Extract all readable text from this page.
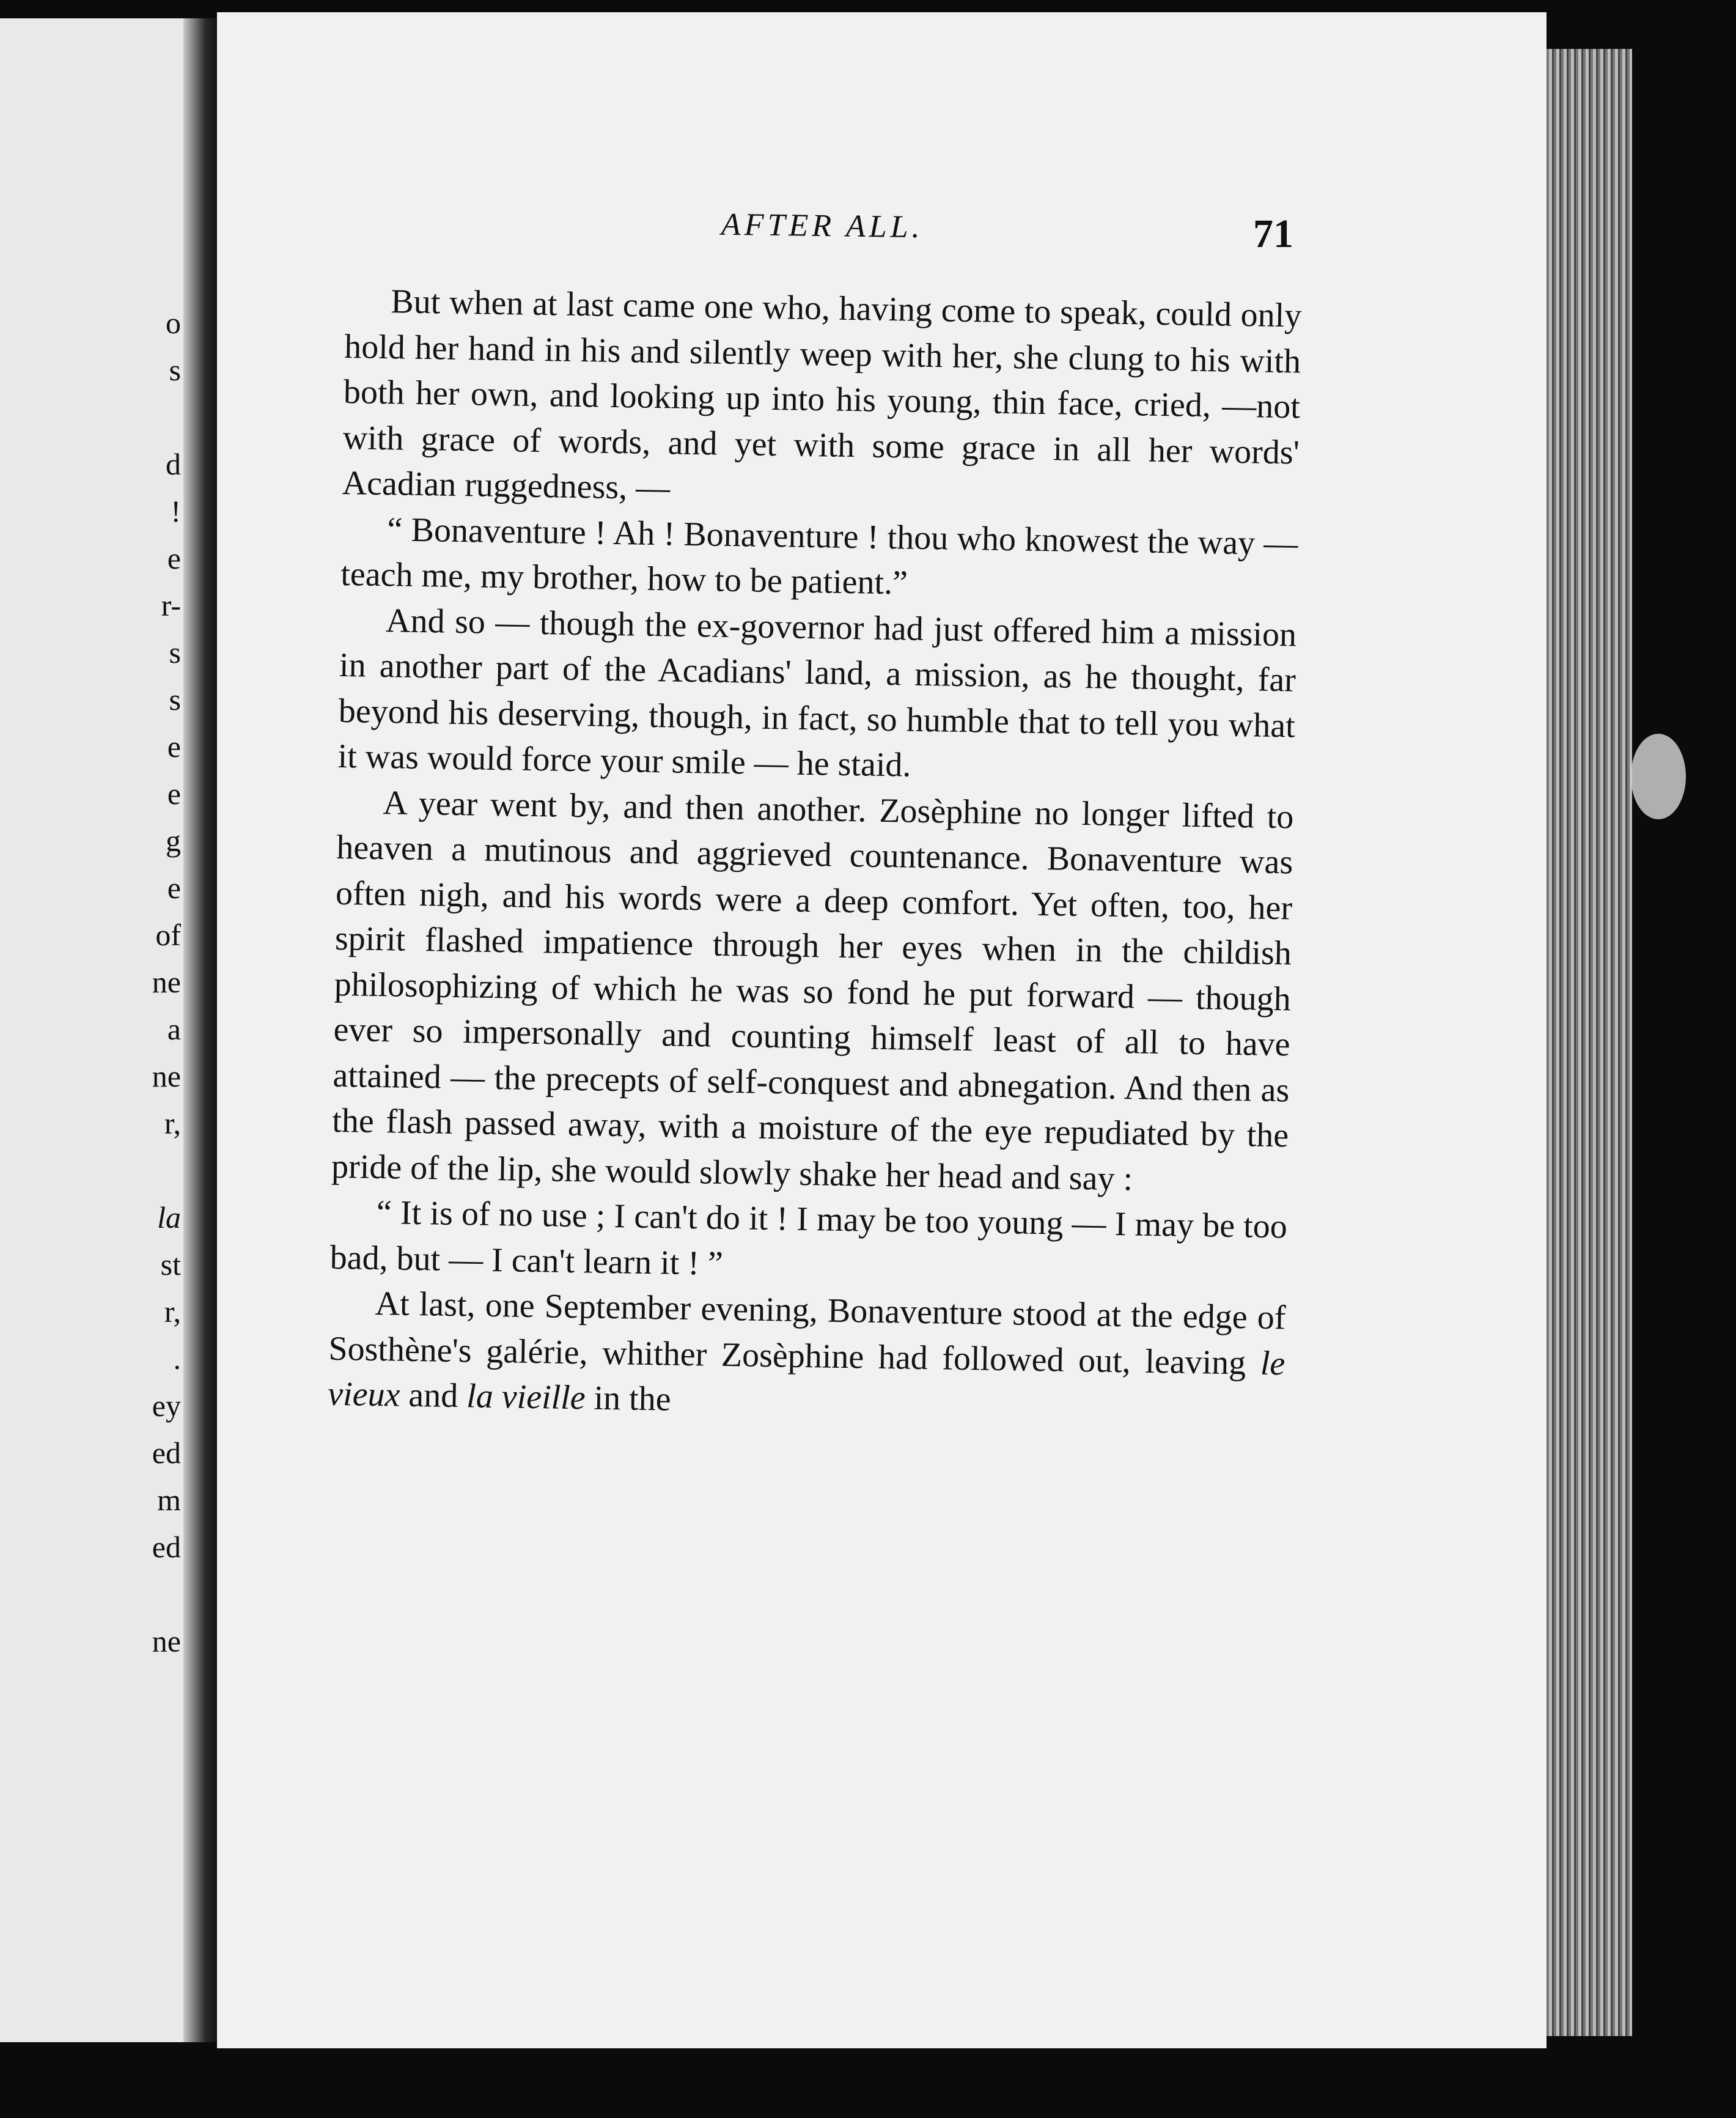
o
s
d
!
e
r-
s
s
e
e
g
e
of
ne
a
ne
r,
la
st
r,
.
ey
ed
m
ed
ne
AFTER ALL.	71

But when at last came one who, having come to speak, could only hold her hand in his and silently weep with her, she clung to his with both her own, and looking up into his young, thin face, cried, —not with grace of words, and yet with some grace in all her words' Acadian ruggedness, —

“ Bonaventure ! Ah ! Bonaventure ! thou who knowest the way — teach me, my brother, how to be patient.”

And so — though the ex-governor had just offered him a mission in another part of the Acadians' land, a mission, as he thought, far beyond his deserving, though, in fact, so humble that to tell you what it was would force your smile — he staid.

A year went by, and then another. Zosèphine no longer lifted to heaven a mutinous and aggrieved countenance. Bonaventure was often nigh, and his words were a deep comfort. Yet often, too, her spirit flashed impatience through her eyes when in the childish philosophizing of which he was so fond he put forward — though ever so impersonally and counting himself least of all to have attained — the precepts of self-conquest and abnegation. And then as the flash passed away, with a moisture of the eye repudiated by the pride of the lip, she would slowly shake her head and say :

“ It is of no use ; I can't do it ! I may be too young — I may be too bad, but — I can't learn it ! ”

At last, one September evening, Bonaventure stood at the edge of Sosthène's galérie, whither Zosèphine had followed out, leaving le vieux and la vieille in the
